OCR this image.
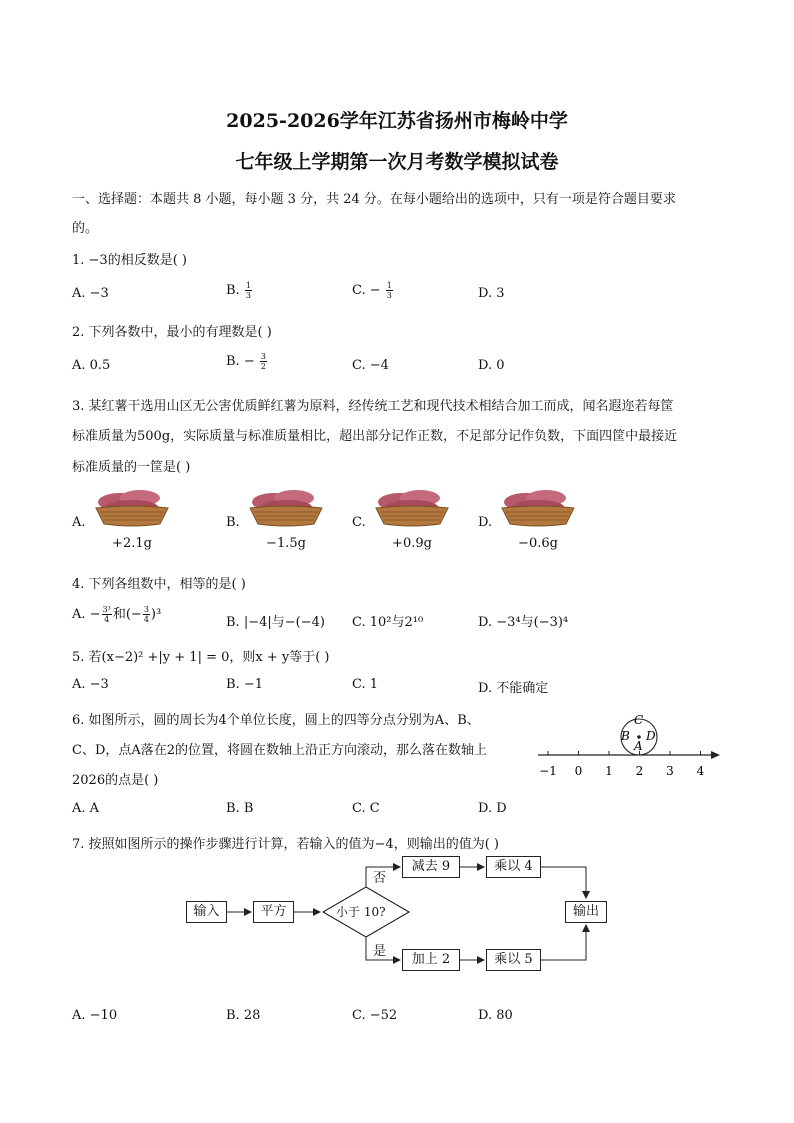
2025-2026学年江苏省扬州市梅岭中学
七年级上学期第一次月考数学模拟试卷
一、选择题：本题共 8 小题，每小题 3 分，共 24 分。在每小题给出的选项中，只有一项是符合题目要求
的。
1. −3的相反数是( )
A. −3	B. $\frac{1}{3}$	C. − $\frac{1}{3}$	D. 3
2. 下列各数中，最小的有理数是( )
A. 0.5	B. − $\frac{3}{2}$	C. −4	D. 0
3. 某红薯干选用山区无公害优质鲜红薯为原料，经传统工艺和现代技术相结合加工而成，闻名遐迩若每筐
标准质量为500g，实际质量与标准质量相比，超出部分记作正数，不足部分记作负数，下面四筐中最接近
标准质量的一筐是( )
A.
+2.1g
B.
−1.5g
C.
+0.9g
D.
−0.6g
4. 下列各组数中，相等的是( )
A. − $\frac{\text{3³}}{4}$ 和(− $\frac{3}{4} )^3$
B. |−4|与−(−4) C. 10²与2¹⁰	D. −3⁴与(−3)⁴
5. 若(x−2)² +|y + 1| = 0，则x + y等于( )
A. −3	B. −1	C. 1	D. 不能确定
6. 如图所示，圆的周长为4个单位长度，圆上的四等分点分别为A、B、
C、D，点A落在2的位置，将圆在数轴上沿正方向滚动，那么落在数轴上
2026的点是( )
A. A	B. B	C. C	D. D
−1 0 1 2 3 4
C
B D
A
7. 按照如图所示的操作步骤进行计算，若输入的值为−4，则输出的值为( )
输入	平方	小于 10?
否
是
减去 9	乘以 4
加上 2	乘以 5
输出
A. −10	B. 28	C. −52	D. 80
